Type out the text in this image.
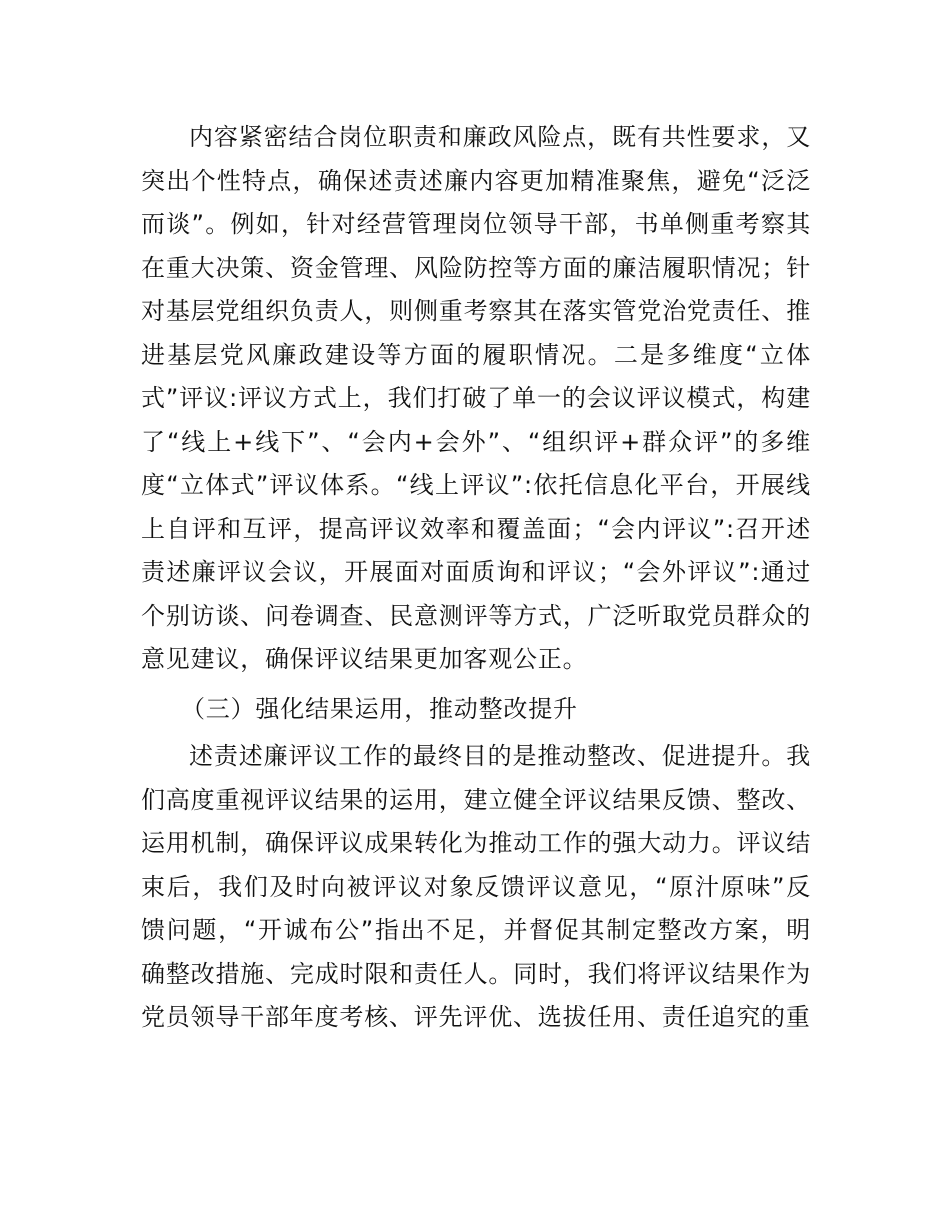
内容紧密结合岗位职责和廉政风险点，既有共性要求，又突出个性特点，确保述责述廉内容更加精准聚焦，避免“泛泛而谈”。例如，针对经营管理岗位领导干部，书单侧重考察其在重大决策、资金管理、风险防控等方面的廉洁履职情况；针对基层党组织负责人，则侧重考察其在落实管党治党责任、推进基层党风廉政建设等方面的履职情况。二是多维度“立体式”评议:评议方式上，我们打破了单一的会议评议模式，构建了“线上+线下”、“会内+会外”、“组织评+群众评”的多维度“立体式”评议体系。“线上评议”:依托信息化平台，开展线上自评和互评，提高评议效率和覆盖面；“会内评议”:召开述责述廉评议会议，开展面对面质询和评议；“会外评议”:通过个别访谈、问卷调查、民意测评等方式，广泛听取党员群众的意见建议，确保评议结果更加客观公正。

（三）强化结果运用，推动整改提升

述责述廉评议工作的最终目的是推动整改、促进提升。我们高度重视评议结果的运用，建立健全评议结果反馈、整改、运用机制，确保评议成果转化为推动工作的强大动力。评议结束后，我们及时向被评议对象反馈评议意见，“原汁原味”反馈问题，“开诚布公”指出不足，并督促其制定整改方案，明确整改措施、完成时限和责任人。同时，我们将评议结果作为党员领导干部年度考核、评先评优、选拔任用、责任追究的重
